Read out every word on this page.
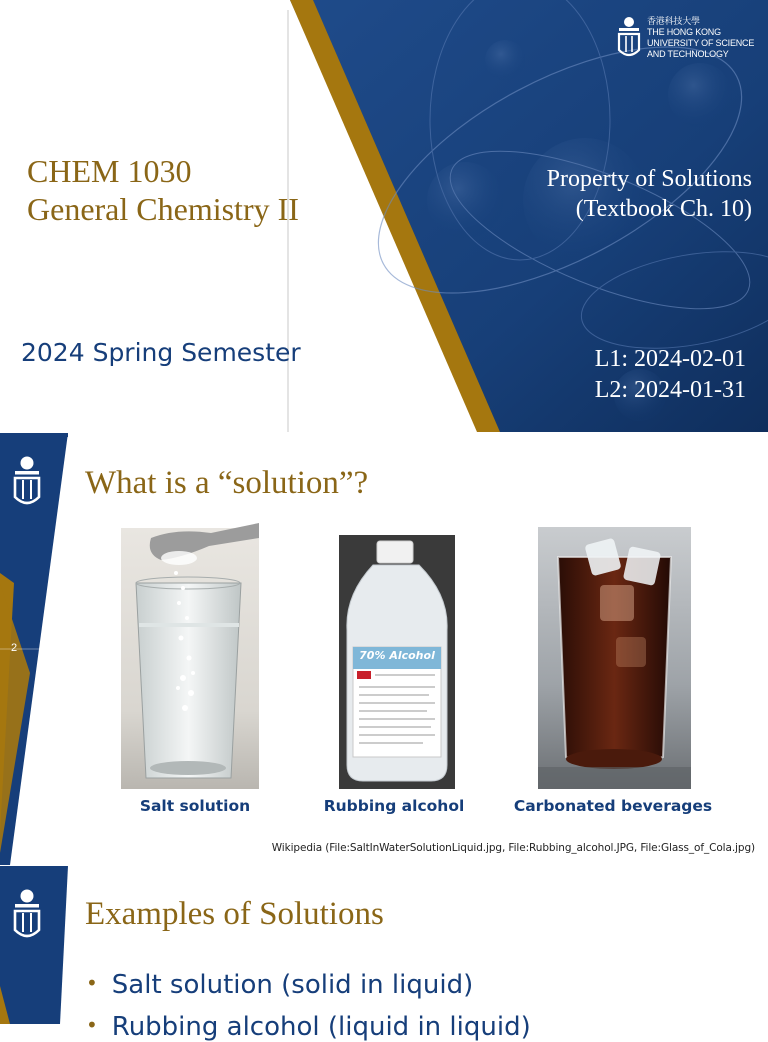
香港科技大學
THE HONG KONG
UNIVERSITY OF SCIENCE
AND TECHNOLOGY
CHEM 1030
General Chemistry II
2024 Spring Semester
Property of Solutions
(Textbook Ch. 10)
L1: 2024-02-01
L2: 2024-01-31
2
What is a “solution”?
70% Alcohol
Salt solution	Rubbing alcohol	Carbonated beverages
Wikipedia (File:SaltInWaterSolutionLiquid.jpg, File:Rubbing_alcohol.JPG, File:Glass_of_Cola.jpg)
Examples of Solutions
• Salt solution (solid in liquid)
• Rubbing alcohol (liquid in liquid)
